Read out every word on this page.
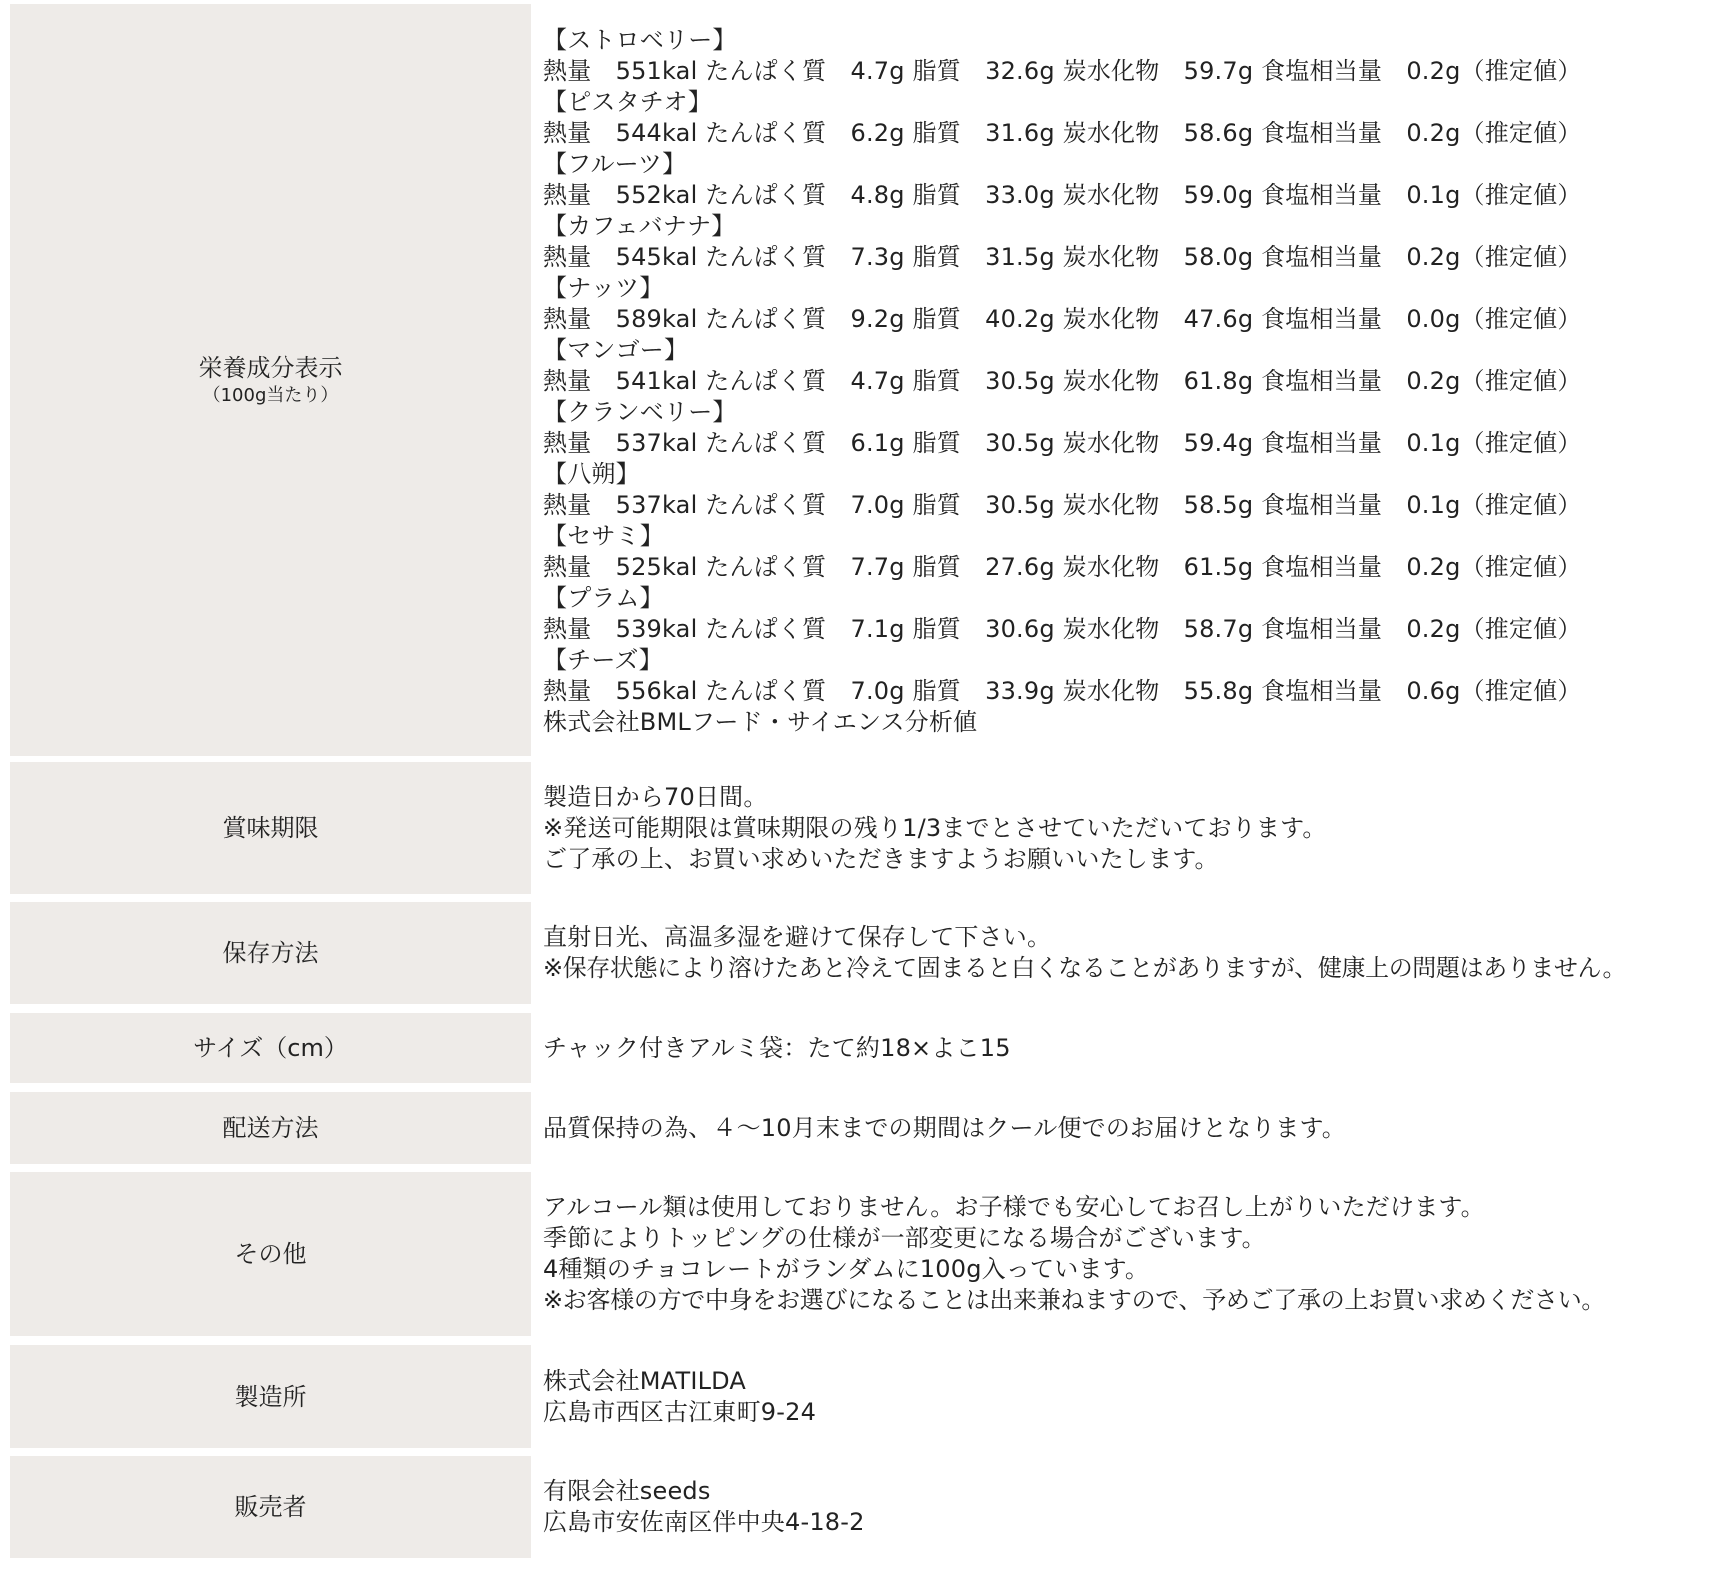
栄養成分表示
（100g当たり）
【ストロベリー】
熱量　551kal たんぱく質　4.7g 脂質　32.6g 炭水化物　59.7g 食塩相当量　0.2g（推定値）
【ピスタチオ】
熱量　544kal たんぱく質　6.2g 脂質　31.6g 炭水化物　58.6g 食塩相当量　0.2g（推定値）
【フルーツ】
熱量　552kal たんぱく質　4.8g 脂質　33.0g 炭水化物　59.0g 食塩相当量　0.1g（推定値）
【カフェバナナ】
熱量　545kal たんぱく質　7.3g 脂質　31.5g 炭水化物　58.0g 食塩相当量　0.2g（推定値）
【ナッツ】
熱量　589kal たんぱく質　9.2g 脂質　40.2g 炭水化物　47.6g 食塩相当量　0.0g（推定値）
【マンゴー】
熱量　541kal たんぱく質　4.7g 脂質　30.5g 炭水化物　61.8g 食塩相当量　0.2g（推定値）
【クランベリー】
熱量　537kal たんぱく質　6.1g 脂質　30.5g 炭水化物　59.4g 食塩相当量　0.1g（推定値）
【八朔】
熱量　537kal たんぱく質　7.0g 脂質　30.5g 炭水化物　58.5g 食塩相当量　0.1g（推定値）
【セサミ】
熱量　525kal たんぱく質　7.7g 脂質　27.6g 炭水化物　61.5g 食塩相当量　0.2g（推定値）
【プラム】
熱量　539kal たんぱく質　7.1g 脂質　30.6g 炭水化物　58.7g 食塩相当量　0.2g（推定値）
【チーズ】
熱量　556kal たんぱく質　7.0g 脂質　33.9g 炭水化物　55.8g 食塩相当量　0.6g（推定値）
株式会社BMLフード・サイエンス分析値
賞味期限
製造日から70日間。
※発送可能期限は賞味期限の残り1/3までとさせていただいております。
ご了承の上、お買い求めいただきますようお願いいたします。
保存方法
直射日光、高温多湿を避けて保存して下さい。
※保存状態により溶けたあと冷えて固まると白くなることがありますが、健康上の問題はありません。
サイズ（cm）	チャック付きアルミ袋：たて約18×よこ15
配送方法	品質保持の為、４〜10月末までの期間はクール便でのお届けとなります。
その他
アルコール類は使用しておりません。お子様でも安心してお召し上がりいただけます。
季節によりトッピングの仕様が一部変更になる場合がございます。
4種類のチョコレートがランダムに100g入っています。
※お客様の方で中身をお選びになることは出来兼ねますので、予めご了承の上お買い求めください。
製造所
株式会社MATILDA
広島市西区古江東町9-24
販売者
有限会社seeds
広島市安佐南区伴中央4-18-2
